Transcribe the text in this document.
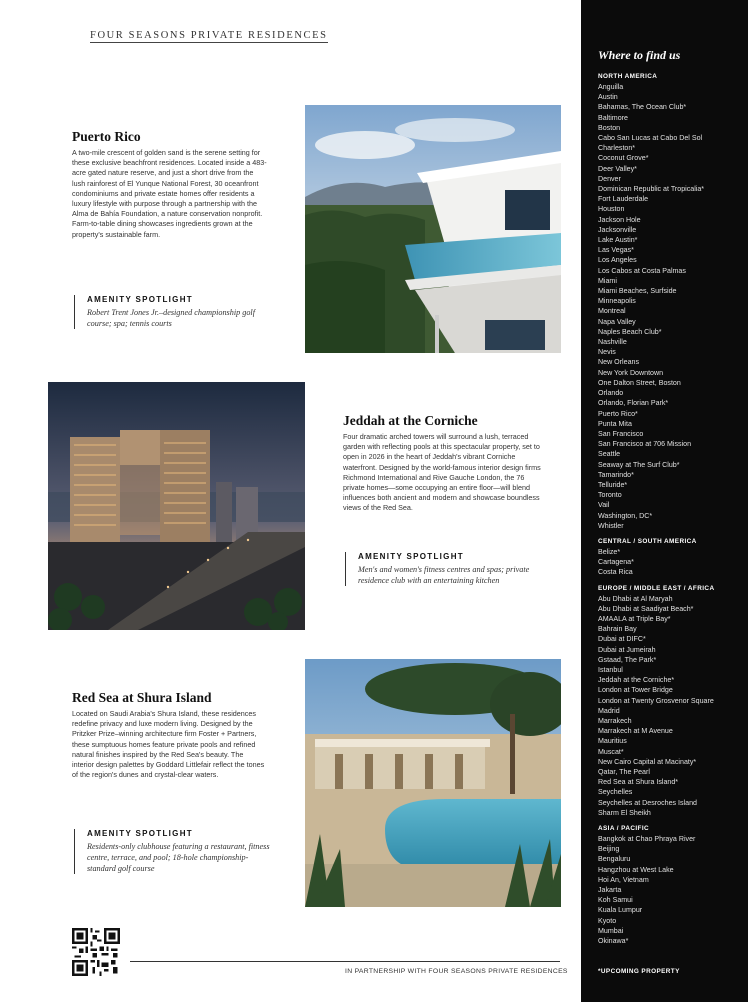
FOUR SEASONS PRIVATE RESIDENCES
Puerto Rico

A two-mile crescent of golden sand is the serene setting for these exclusive beachfront residences. Located inside a 483-acre gated nature reserve, and just a short drive from the lush rainforest of El Yunque National Forest, 30 oceanfront condominiums and private estate homes offer residents a luxury lifestyle with purpose through a partnership with the Alma de Bahía Foundation, a nature conservation nonprofit. Farm-to-table dining showcases ingredients grown at the property's sustainable farm.

AMENITY SPOTLIGHT
Robert Trent Jones Jr.–designed championship golf course; spa; tennis courts
Jeddah at the Corniche

Four dramatic arched towers will surround a lush, terraced garden with reflecting pools at this spectacular property, set to open in 2026 in the heart of Jeddah's vibrant Corniche waterfront. Designed by the world-famous interior design firms Richmond International and Rive Gauche London, the 76 private homes—some occupying an entire floor—will blend influences both ancient and modern and showcase boundless views of the Red Sea.

AMENITY SPOTLIGHT
Men's and women's fitness centres and spas; private residence club with an entertaining kitchen
Red Sea at Shura Island

Located on Saudi Arabia's Shura Island, these residences redefine privacy and luxe modern living. Designed by the Pritzker Prize–winning architecture firm Foster + Partners, these sumptuous homes feature private pools and refined natural finishes inspired by the Red Sea's beauty. The interior design palettes by Goddard Littlefair reflect the tones of the region's dunes and crystal-clear waters.

AMENITY SPOTLIGHT
Residents-only clubhouse featuring a restaurant, fitness centre, terrace, and pool; 18-hole championship-standard golf course
IN PARTNERSHIP WITH FOUR SEASONS PRIVATE RESIDENCES
Where to find us
NORTH AMERICA
Anguilla
Austin
Bahamas, The Ocean Club*
Baltimore
Boston
Cabo San Lucas at Cabo Del Sol
Charleston*
Coconut Grove*
Deer Valley*
Denver
Dominican Republic at Tropicalia*
Fort Lauderdale
Houston
Jackson Hole
Jacksonville
Lake Austin*
Las Vegas*
Los Angeles
Los Cabos at Costa Palmas
Miami
Miami Beaches, Surfside
Minneapolis
Montreal
Napa Valley
Naples Beach Club*
Nashville
Nevis
New Orleans
New York Downtown
One Dalton Street, Boston
Orlando
Orlando, Florian Park*
Puerto Rico*
Punta Mita
San Francisco
San Francisco at 706 Mission
Seattle
Seaway at The Surf Club*
Tamarindo*
Telluride*
Toronto
Vail
Washington, DC*
Whistler
CENTRAL / SOUTH AMERICA
Belize*
Cartagena*
Costa Rica
EUROPE / MIDDLE EAST / AFRICA
Abu Dhabi at Al Maryah
Abu Dhabi at Saadiyat Beach*
AMAALA at Triple Bay*
Bahrain Bay
Dubai at DIFC*
Dubai at Jumeirah
Gstaad, The Park*
Istanbul
Jeddah at the Corniche*
London at Tower Bridge
London at Twenty Grosvenor Square
Madrid
Marrakech
Marrakech at M Avenue
Mauritius
Muscat*
New Cairo Capital at Macinaty*
Qatar, The Pearl
Red Sea at Shura Island*
Seychelles
Seychelles at Desroches Island
Sharm El Sheikh
ASIA / PACIFIC
Bangkok at Chao Phraya River
Beijing
Bengaluru
Hangzhou at West Lake
Hoi An, Vietnam
Jakarta
Koh Samui
Kuala Lumpur
Kyoto
Mumbai
Okinawa*
*UPCOMING PROPERTY
